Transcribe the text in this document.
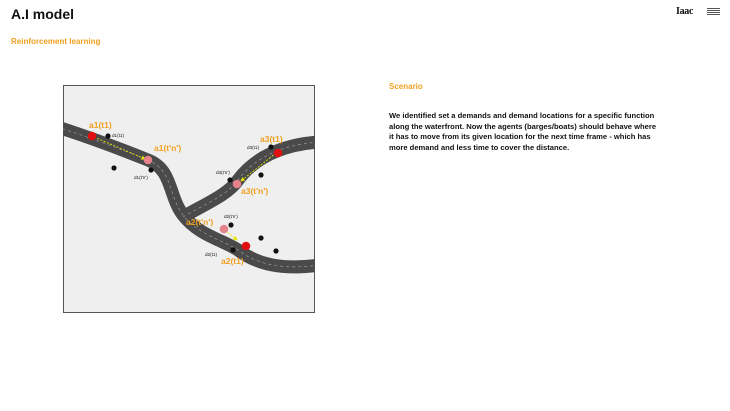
A.I model
Reinforcement learning
Iaac
a1(t1)
a1(t'n')
a3(t1)
a3(t'n')
a2(t'n')
a2(t1)
d1(t1)
d1(t'n')
d3(t1)
d3(t'n')
d2(t'n')
d2(t1)
Scenario
We identified set a demands and demand locations for a specific function along the waterfront. Now the agents (barges/boats) should behave where it has to move from its given location for the next time frame - which has more demand and less time to cover the distance.
